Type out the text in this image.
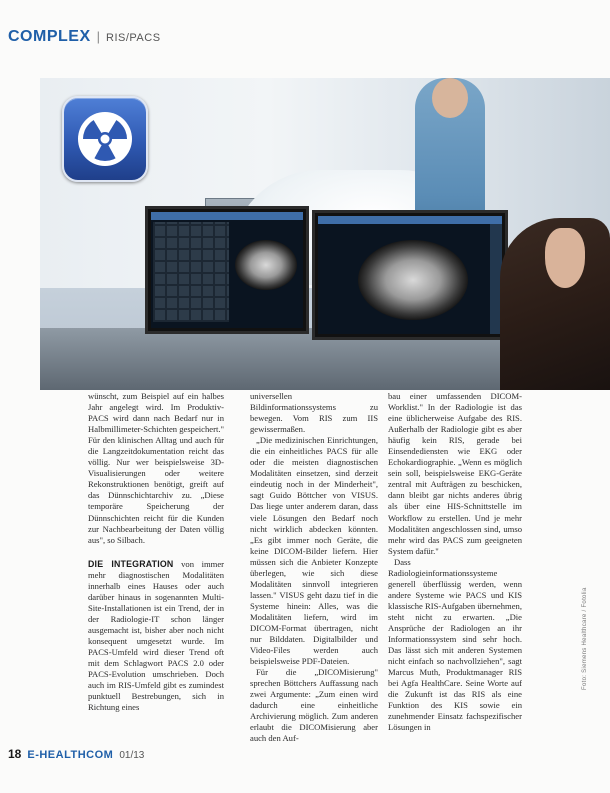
COMPLEX | RIS/PACS

wünscht, zum Beispiel auf ein halbes Jahr angelegt wird. Im Produktiv-PACS wird dann nach Bedarf nur in Halbmillimeter-Schichten gespeichert." Für den klinischen Alltag und auch für die Langzeitdokumentation reicht das völlig. Nur wer beispielsweise 3D-Visualisierungen oder weitere Rekonstruktionen benötigt, greift auf das Dünnschichtarchiv zu. „Diese temporäre Speicherung der Dünnschichten reicht für die Kunden zur Nachbearbeitung der Daten völlig aus", so Silbach.

DIE INTEGRATION von immer mehr diagnostischen Modalitäten innerhalb eines Hauses oder auch darüber hinaus in sogenannten Multi-Site-Installationen ist ein Trend, der in der Radiologie-IT schon länger ausgemacht ist, bisher aber noch nicht konsequent umgesetzt wurde. Im PACS-Umfeld wird dieser Trend oft mit dem Schlagwort PACS 2.0 oder PACS-Evolution umschrieben. Doch auch im RIS-Umfeld gibt es zumindest punktuell Bestrebungen, sich in Richtung eines

universellen Bildinformationssystems zu bewegen. Vom RIS zum IIS gewissermaßen.

„Die medizinischen Einrichtungen, die ein einheitliches PACS für alle oder die meisten diagnostischen Modalitäten einsetzen, sind derzeit eindeutig noch in der Minderheit", sagt Guido Böttcher von VISUS. Das liege unter anderem daran, dass viele Lösungen den Bedarf noch nicht wirklich abdecken könnten. „Es gibt immer noch Geräte, die keine DICOM-Bilder liefern. Hier müssen sich die Anbieter Konzepte überlegen, wie sich diese Modalitäten sinnvoll integrieren lassen." VISUS geht dazu tief in die Systeme hinein: Alles, was die Modalitäten liefern, wird im DICOM-Format übertragen, nicht nur Bilddaten. Digitalbilder und Video-Files werden auch beispielsweise PDF-Dateien.

Für die „DICOMisierung" sprechen Böttchers Auffassung nach zwei Argumente: „Zum einen wird dadurch eine einheitliche Archivierung möglich. Zum anderen erlaubt die DICOMisierung aber auch den Auf-

bau einer umfassenden DICOM-Worklist." In der Radiologie ist das eine üblicherweise Aufgabe des RIS. Außerhalb der Radiologie gibt es aber häufig kein RIS, gerade bei Einsendediensten wie EKG oder Echokardiographie. „Wenn es möglich sein soll, beispielsweise EKG-Geräte zentral mit Aufträgen zu beschicken, dann bleibt gar nichts anderes übrig als über eine HIS-Schnittstelle im Workflow zu erstellen. Und je mehr Modalitäten angeschlossen sind, umso mehr wird das PACS zum geeigneten System dafür."

Dass Radiologieinformationssysteme generell überflüssig werden, wenn andere Systeme wie PACS und KIS klassische RIS-Aufgaben übernehmen, steht nicht zu erwarten. „Die Ansprüche der Radiologen an ihr Informationssystem sind sehr hoch. Das lässt sich mit anderen Systemen nicht einfach so nachvollziehen", sagt Marcus Muth, Produktmanager RIS bei Agfa HealthCare. Seine Worte auf die Zukunft ist das RIS als eine Funktion des KIS sowie ein zunehmender Einsatz fachspezifischer Lösungen in

18 E-HEALTHCOM 01/13
Foto: Siemens Healthcare / Fotolia
